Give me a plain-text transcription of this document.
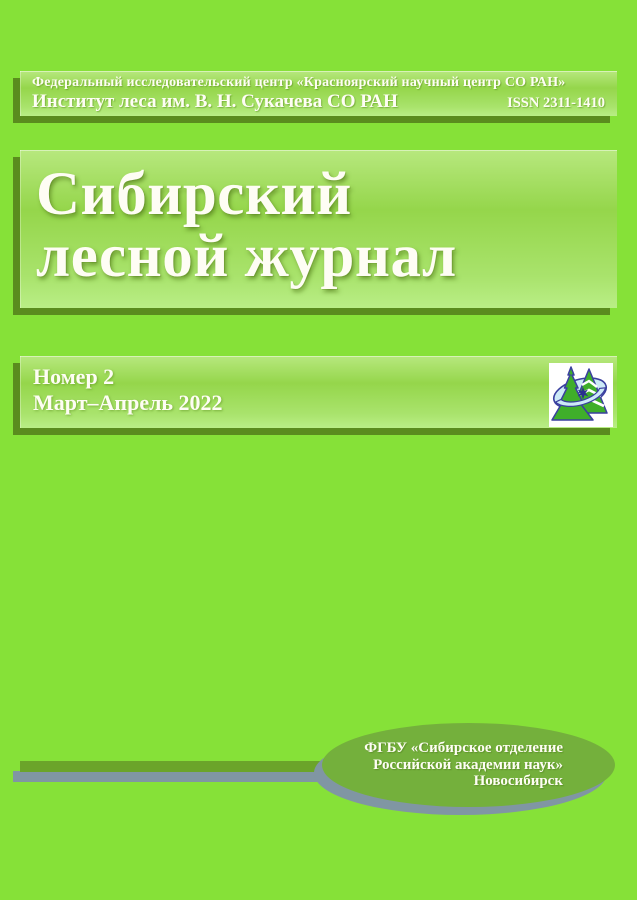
Федеральный исследовательский центр «Красноярский научный центр СО РАН»
Институт леса им. В. Н. Сукачева СО РАН	ISSN 2311-1410
Сибирский
лесной журнал
Номер 2
Март–Апрель 2022
ФГБУ «Сибирское отделение
Российской академии наук»
Новосибирск
